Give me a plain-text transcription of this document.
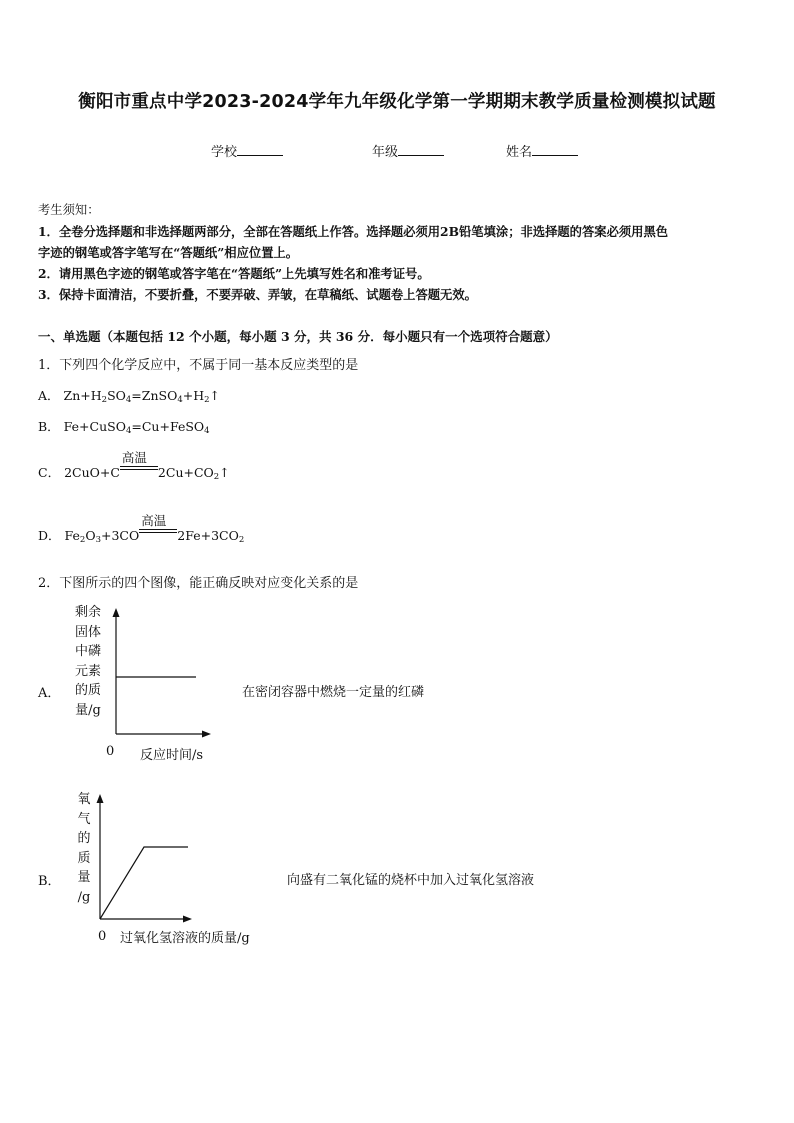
衡阳市重点中学2023-2024学年九年级化学第一学期期末教学质量检测模拟试题
学校	年级	姓名
考生须知：
1．全卷分选择题和非选择题两部分，全部在答题纸上作答。选择题必须用2B铅笔填涂；非选择题的答案必须用黑色
字迹的钢笔或答字笔写在“答题纸”相应位置上。
2．请用黑色字迹的钢笔或答字笔在“答题纸”上先填写姓名和准考证号。
3．保持卡面清洁，不要折叠，不要弄破、弄皱，在草稿纸、试题卷上答题无效。
一、单选题（本题包括 12 个小题，每小题 3 分，共 36 分．每小题只有一个选项符合题意）
1．下列四个化学反应中，不属于同一基本反应类型的是
A． $Zn+H_2SO_4=ZnSO_4+H_2↑$
B． Fe+CuSO$_4$=Cu+FeSO$_4$
C． 2CuO+C
高温
$2Cu+CO_2↑$
D． $Fe_2O_3+3CO$
高温
$2Fe+3CO_2$
2．下图所示的四个图像，能正确反映对应变化关系的是
A．
剩余
固体
中磷
元素
的质
量/g
0 反应时间/s
在密闭容器中燃烧一定量的红磷
B．
氧
气
的
质
量
/g
0 过氧化氢溶液的质量/g
向盛有二氧化锰的烧杯中加入过氧化氢溶液
